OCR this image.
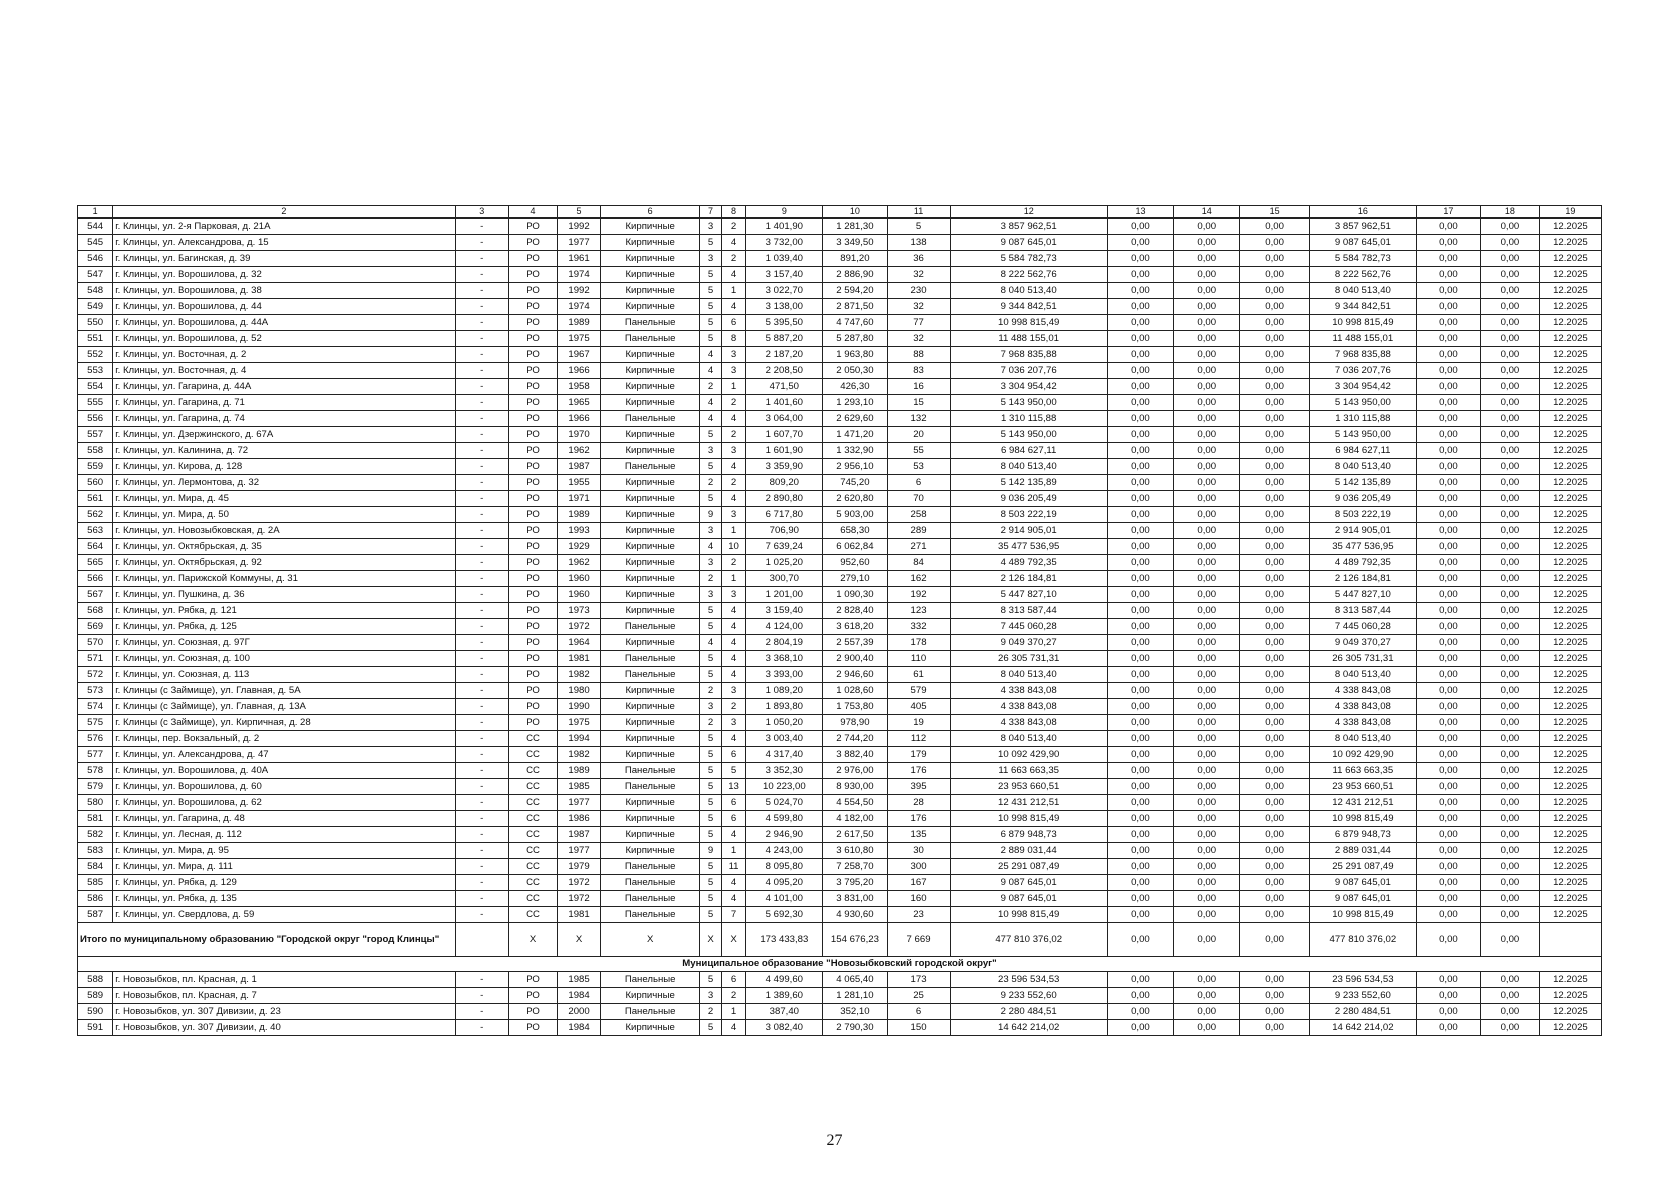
1	2	3	4	5	6	7	8	9	10	11	12	13	14	15	16	17	18	19
544	г. Клинцы, ул. 2-я Парковая, д. 21А	-	РО	1992	Кирпичные	3	2	1 401,90	1 281,30	5	3 857 962,51	0,00	0,00	0,00	3 857 962,51	0,00	0,00	12.2025
545	г. Клинцы, ул. Александрова, д. 15	-	РО	1977	Кирпичные	5	4	3 732,00	3 349,50	138	9 087 645,01	0,00	0,00	0,00	9 087 645,01	0,00	0,00	12.2025
546	г. Клинцы, ул. Багинская, д. 39	-	РО	1961	Кирпичные	3	2	1 039,40	891,20	36	5 584 782,73	0,00	0,00	0,00	5 584 782,73	0,00	0,00	12.2025
547	г. Клинцы, ул. Ворошилова, д. 32	-	РО	1974	Кирпичные	5	4	3 157,40	2 886,90	32	8 222 562,76	0,00	0,00	0,00	8 222 562,76	0,00	0,00	12.2025
548	г. Клинцы, ул. Ворошилова, д. 38	-	РО	1992	Кирпичные	5	1	3 022,70	2 594,20	230	8 040 513,40	0,00	0,00	0,00	8 040 513,40	0,00	0,00	12.2025
549	г. Клинцы, ул. Ворошилова, д. 44	-	РО	1974	Кирпичные	5	4	3 138,00	2 871,50	32	9 344 842,51	0,00	0,00	0,00	9 344 842,51	0,00	0,00	12.2025
550	г. Клинцы, ул. Ворошилова, д. 44А	-	РО	1989	Панельные	5	6	5 395,50	4 747,60	77	10 998 815,49	0,00	0,00	0,00	10 998 815,49	0,00	0,00	12.2025
551	г. Клинцы, ул. Ворошилова, д. 52	-	РО	1975	Панельные	5	8	5 887,20	5 287,80	32	11 488 155,01	0,00	0,00	0,00	11 488 155,01	0,00	0,00	12.2025
552	г. Клинцы, ул. Восточная, д. 2	-	РО	1967	Кирпичные	4	3	2 187,20	1 963,80	88	7 968 835,88	0,00	0,00	0,00	7 968 835,88	0,00	0,00	12.2025
553	г. Клинцы, ул. Восточная, д. 4	-	РО	1966	Кирпичные	4	3	2 208,50	2 050,30	83	7 036 207,76	0,00	0,00	0,00	7 036 207,76	0,00	0,00	12.2025
554	г. Клинцы, ул. Гагарина, д. 44А	-	РО	1958	Кирпичные	2	1	471,50	426,30	16	3 304 954,42	0,00	0,00	0,00	3 304 954,42	0,00	0,00	12.2025
555	г. Клинцы, ул. Гагарина, д. 71	-	РО	1965	Кирпичные	4	2	1 401,60	1 293,10	15	5 143 950,00	0,00	0,00	0,00	5 143 950,00	0,00	0,00	12.2025
556	г. Клинцы, ул. Гагарина, д. 74	-	РО	1966	Панельные	4	4	3 064,00	2 629,60	132	1 310 115,88	0,00	0,00	0,00	1 310 115,88	0,00	0,00	12.2025
557	г. Клинцы, ул. Дзержинского, д. 67А	-	РО	1970	Кирпичные	5	2	1 607,70	1 471,20	20	5 143 950,00	0,00	0,00	0,00	5 143 950,00	0,00	0,00	12.2025
558	г. Клинцы, ул. Калинина, д. 72	-	РО	1962	Кирпичные	3	3	1 601,90	1 332,90	55	6 984 627,11	0,00	0,00	0,00	6 984 627,11	0,00	0,00	12.2025
559	г. Клинцы, ул. Кирова, д. 128	-	РО	1987	Панельные	5	4	3 359,90	2 956,10	53	8 040 513,40	0,00	0,00	0,00	8 040 513,40	0,00	0,00	12.2025
560	г. Клинцы, ул. Лермонтова, д. 32	-	РО	1955	Кирпичные	2	2	809,20	745,20	6	5 142 135,89	0,00	0,00	0,00	5 142 135,89	0,00	0,00	12.2025
561	г. Клинцы, ул. Мира, д. 45	-	РО	1971	Кирпичные	5	4	2 890,80	2 620,80	70	9 036 205,49	0,00	0,00	0,00	9 036 205,49	0,00	0,00	12.2025
562	г. Клинцы, ул. Мира, д. 50	-	РО	1989	Кирпичные	9	3	6 717,80	5 903,00	258	8 503 222,19	0,00	0,00	0,00	8 503 222,19	0,00	0,00	12.2025
563	г. Клинцы, ул. Новозыбковская, д. 2А	-	РО	1993	Кирпичные	3	1	706,90	658,30	289	2 914 905,01	0,00	0,00	0,00	2 914 905,01	0,00	0,00	12.2025
564	г. Клинцы, ул. Октябрьская, д. 35	-	РО	1929	Кирпичные	4	10	7 639,24	6 062,84	271	35 477 536,95	0,00	0,00	0,00	35 477 536,95	0,00	0,00	12.2025
565	г. Клинцы, ул. Октябрьская, д. 92	-	РО	1962	Кирпичные	3	2	1 025,20	952,60	84	4 489 792,35	0,00	0,00	0,00	4 489 792,35	0,00	0,00	12.2025
566	г. Клинцы, ул. Парижской Коммуны, д. 31	-	РО	1960	Кирпичные	2	1	300,70	279,10	162	2 126 184,81	0,00	0,00	0,00	2 126 184,81	0,00	0,00	12.2025
567	г. Клинцы, ул. Пушкина, д. 36	-	РО	1960	Кирпичные	3	3	1 201,00	1 090,30	192	5 447 827,10	0,00	0,00	0,00	5 447 827,10	0,00	0,00	12.2025
568	г. Клинцы, ул. Рябка, д. 121	-	РО	1973	Кирпичные	5	4	3 159,40	2 828,40	123	8 313 587,44	0,00	0,00	0,00	8 313 587,44	0,00	0,00	12.2025
569	г. Клинцы, ул. Рябка, д. 125	-	РО	1972	Панельные	5	4	4 124,00	3 618,20	332	7 445 060,28	0,00	0,00	0,00	7 445 060,28	0,00	0,00	12.2025
570	г. Клинцы, ул. Союзная, д. 97Г	-	РО	1964	Кирпичные	4	4	2 804,19	2 557,39	178	9 049 370,27	0,00	0,00	0,00	9 049 370,27	0,00	0,00	12.2025
571	г. Клинцы, ул. Союзная, д. 100	-	РО	1981	Панельные	5	4	3 368,10	2 900,40	110	26 305 731,31	0,00	0,00	0,00	26 305 731,31	0,00	0,00	12.2025
572	г. Клинцы, ул. Союзная, д. 113	-	РО	1982	Панельные	5	4	3 393,00	2 946,60	61	8 040 513,40	0,00	0,00	0,00	8 040 513,40	0,00	0,00	12.2025
573	г. Клинцы (с Займище), ул. Главная, д. 5А	-	РО	1980	Кирпичные	2	3	1 089,20	1 028,60	579	4 338 843,08	0,00	0,00	0,00	4 338 843,08	0,00	0,00	12.2025
574	г. Клинцы (с Займище), ул. Главная, д. 13А	-	РО	1990	Кирпичные	3	2	1 893,80	1 753,80	405	4 338 843,08	0,00	0,00	0,00	4 338 843,08	0,00	0,00	12.2025
575	г. Клинцы (с Займище), ул. Кирпичная, д. 28	-	РО	1975	Кирпичные	2	3	1 050,20	978,90	19	4 338 843,08	0,00	0,00	0,00	4 338 843,08	0,00	0,00	12.2025
576	г. Клинцы, пер. Вокзальный, д. 2	-	СС	1994	Кирпичные	5	4	3 003,40	2 744,20	112	8 040 513,40	0,00	0,00	0,00	8 040 513,40	0,00	0,00	12.2025
577	г. Клинцы, ул. Александрова, д. 47	-	СС	1982	Кирпичные	5	6	4 317,40	3 882,40	179	10 092 429,90	0,00	0,00	0,00	10 092 429,90	0,00	0,00	12.2025
578	г. Клинцы, ул. Ворошилова, д. 40А	-	СС	1989	Панельные	5	5	3 352,30	2 976,00	176	11 663 663,35	0,00	0,00	0,00	11 663 663,35	0,00	0,00	12.2025
579	г. Клинцы, ул. Ворошилова, д. 60	-	СС	1985	Панельные	5	13	10 223,00	8 930,00	395	23 953 660,51	0,00	0,00	0,00	23 953 660,51	0,00	0,00	12.2025
580	г. Клинцы, ул. Ворошилова, д. 62	-	СС	1977	Кирпичные	5	6	5 024,70	4 554,50	28	12 431 212,51	0,00	0,00	0,00	12 431 212,51	0,00	0,00	12.2025
581	г. Клинцы, ул. Гагарина, д. 48	-	СС	1986	Кирпичные	5	6	4 599,80	4 182,00	176	10 998 815,49	0,00	0,00	0,00	10 998 815,49	0,00	0,00	12.2025
582	г. Клинцы, ул. Лесная, д. 112	-	СС	1987	Кирпичные	5	4	2 946,90	2 617,50	135	6 879 948,73	0,00	0,00	0,00	6 879 948,73	0,00	0,00	12.2025
583	г. Клинцы, ул. Мира, д. 95	-	СС	1977	Кирпичные	9	1	4 243,00	3 610,80	30	2 889 031,44	0,00	0,00	0,00	2 889 031,44	0,00	0,00	12.2025
584	г. Клинцы, ул. Мира, д. 111	-	СС	1979	Панельные	5	11	8 095,80	7 258,70	300	25 291 087,49	0,00	0,00	0,00	25 291 087,49	0,00	0,00	12.2025
585	г. Клинцы, ул. Рябка, д. 129	-	СС	1972	Панельные	5	4	4 095,20	3 795,20	167	9 087 645,01	0,00	0,00	0,00	9 087 645,01	0,00	0,00	12.2025
586	г. Клинцы, ул. Рябка, д. 135	-	СС	1972	Панельные	5	4	4 101,00	3 831,00	160	9 087 645,01	0,00	0,00	0,00	9 087 645,01	0,00	0,00	12.2025
587	г. Клинцы, ул. Свердлова, д. 59	-	СС	1981	Панельные	5	7	5 692,30	4 930,60	23	10 998 815,49	0,00	0,00	0,00	10 998 815,49	0,00	0,00	12.2025
Итого по муниципальному образованию "Городской округ "город Клинцы"			Х	Х	Х	Х	Х	173 433,83	154 676,23	7 669	477 810 376,02	0,00	0,00	0,00	477 810 376,02	0,00	0,00	
Муниципальное образование "Новозыбковский городской округ"																		
588	г. Новозыбков, пл. Красная, д. 1	-	РО	1985	Панельные	5	6	4 499,60	4 065,40	173	23 596 534,53	0,00	0,00	0,00	23 596 534,53	0,00	0,00	12.2025
589	г. Новозыбков, пл. Красная, д. 7	-	РО	1984	Кирпичные	3	2	1 389,60	1 281,10	25	9 233 552,60	0,00	0,00	0,00	9 233 552,60	0,00	0,00	12.2025
590	г. Новозыбков, ул. 307 Дивизии, д. 23	-	РО	2000	Панельные	2	1	387,40	352,10	6	2 280 484,51	0,00	0,00	0,00	2 280 484,51	0,00	0,00	12.2025
591	г. Новозыбков, ул. 307 Дивизии, д. 40	-	РО	1984	Кирпичные	5	4	3 082,40	2 790,30	150	14 642 214,02	0,00	0,00	0,00	14 642 214,02	0,00	0,00	12.2025
27
